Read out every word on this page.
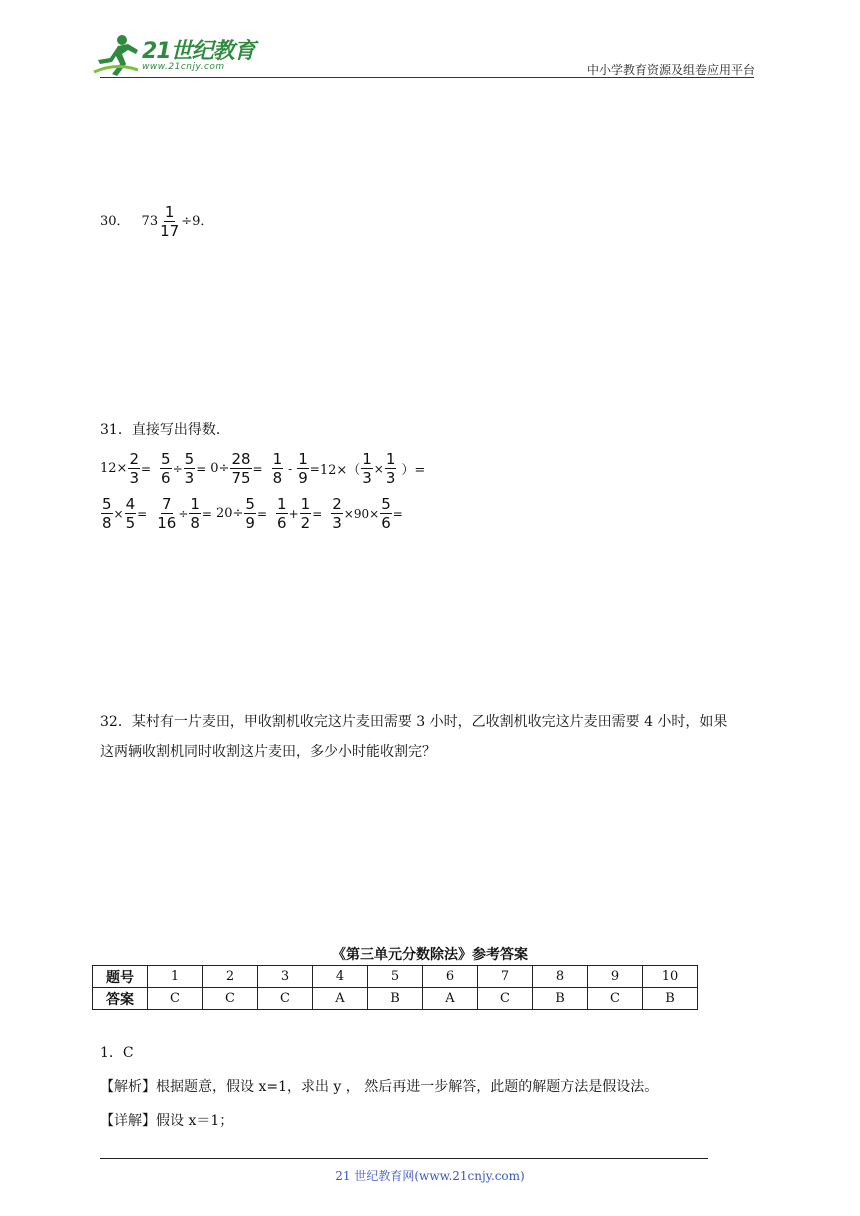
21世纪教育
www.21cnjy.com	中小学教育资源及组卷应用平台
30． $73 \frac{1}{17} \div 9$．
31．直接写出得数．
$12\times \frac{2}{3} = \frac{5}{6} \div \frac{5}{3} = 0\div \frac{28}{75} = \frac{1}{8} - \frac{1}{9} = 12\times( \frac{1}{3} \times \frac{1}{3}$ ）=
$\frac{5}{8} \times \frac{4}{5} = \frac{7}{16} \div \frac{1}{8} = 20\div \frac{5}{9} = \frac{1}{6} + \frac{1}{2} = \frac{2}{3} \times 90\times \frac{5}{6}$ =
32．某村有一片麦田，甲收割机收完这片麦田需要 3 小时，乙收割机收完这片麦田需要 4 小时，如果
这两辆收割机同时收割这片麦田，多少小时能收割完？
《第三单元分数除法》参考答案
题号	1	2	3	4	5	6	7	8	9	10
答案	C	C	C	A	B	A	C	B	C	B
1．C
【解析】根据题意，假设 x=1，求出 y ， 然后再进一步解答，此题的解题方法是假设法。
【详解】假设 x＝1；
21 世纪教育网(www.21cnjy.com)
